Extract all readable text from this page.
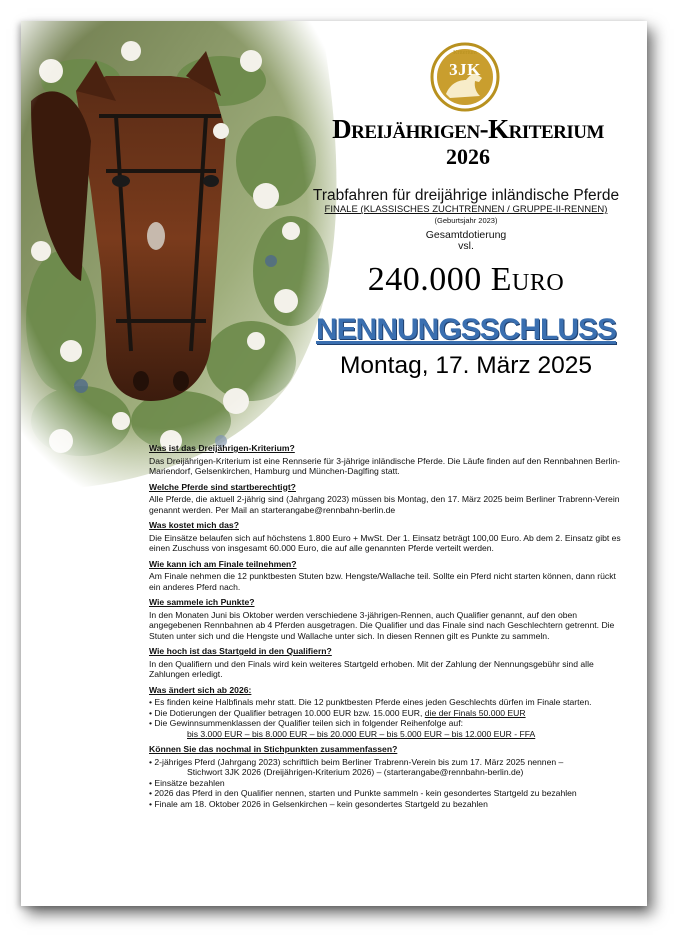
Kriterium
3JK
Dreijährigen-Kriterium
2026
Trabfahren für dreijährige inländische Pferde
FINALE (KLASSISCHES ZUCHTRENNEN / GRUPPE-II-RENNEN)
(Geburtsjahr 2023)
Gesamtdotierung
vsl.
240.000 Euro
NENNUNGSSCHLUSS
Montag, 17. März 2025
Was ist das Dreijährigen-Kriterium?
Das Dreijährigen-Kriterium ist eine Rennserie für 3-jährige inländische Pferde. Die Läufe finden auf den Rennbahnen Berlin-Mariendorf, Gelsenkirchen, Hamburg und München-Daglfing statt.
Welche Pferde sind startberechtigt?
Alle Pferde, die aktuell 2-jährig sind (Jahrgang 2023) müssen bis Montag, den 17. März 2025 beim Berliner Trabrenn-Verein genannt werden. Per Mail an starterangabe@rennbahn-berlin.de
Was kostet mich das?
Die Einsätze belaufen sich auf höchstens 1.800 Euro + MwSt. Der 1. Einsatz beträgt 100,00 Euro. Ab dem 2. Einsatz gibt es einen Zuschuss von insgesamt 60.000 Euro, die auf alle genannten Pferde verteilt werden.
Wie kann ich am Finale teilnehmen?
Am Finale nehmen die 12 punktbesten Stuten bzw. Hengste/Wallache teil. Sollte ein Pferd nicht starten können, dann rückt ein anderes Pferd nach.
Wie sammele ich Punkte?
In den Monaten Juni bis Oktober werden verschiedene 3-jährigen-Rennen, auch Qualifier genannt, auf den oben angegebenen Rennbahnen ab 4 Pferden ausgetragen. Die Qualifier und das Finale sind nach Geschlechtern getrennt. Die Stuten unter sich und die Hengste und Wallache unter sich. In diesen Rennen gilt es Punkte zu sammeln.
Wie hoch ist das Startgeld in den Qualifiern?
In den Qualifiern und den Finals wird kein weiteres Startgeld erhoben. Mit der Zahlung der Nennungsgebühr sind alle Zahlungen erledigt.
Was ändert sich ab 2026:
• Es finden keine Halbfinals mehr statt. Die 12 punktbesten Pferde eines jeden Geschlechts dürfen im Finale starten.
• Die Dotierungen der Qualifier betragen 10.000 EUR bzw. 15.000 EUR, die der Finals 50.000 EUR
• Die Gewinnsummenklassen der Qualifier teilen sich in folgender Reihenfolge auf:
bis 3.000 EUR – bis 8.000 EUR – bis 20.000 EUR – bis 5.000 EUR – bis 12.000 EUR - FFA
Können Sie das nochmal in Stichpunkten zusammenfassen?
• 2-jähriges Pferd (Jahrgang 2023) schriftlich beim Berliner Trabrenn-Verein bis zum 17. März 2025 nennen –
Stichwort 3JK 2026 (Dreijährigen-Kriterium 2026) – (starterangabe@rennbahn-berlin.de)
• Einsätze bezahlen
• 2026 das Pferd in den Qualifier nennen, starten und Punkte sammeln - kein gesondertes Startgeld zu bezahlen
• Finale am 18. Oktober 2026 in Gelsenkirchen – kein gesondertes Startgeld zu bezahlen
